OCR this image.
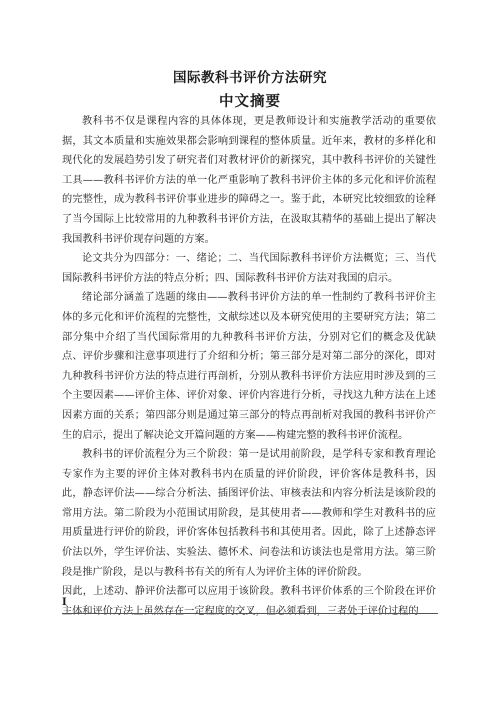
国际教科书评价方法研究
中文摘要

教科书不仅是课程内容的具体体现，更是教师设计和实施教学活动的重要依据，其文本质量和实施效果都会影响到课程的整体质量。近年来，教材的多样化和现代化的发展趋势引发了研究者们对教材评价的新探究，其中教科书评价的关键性工具——教科书评价方法的单一化严重影响了教科书评价主体的多元化和评价流程的完整性，成为教科书评价事业进步的障碍之一。鉴于此，本研究比较细致的诠释了当今国际上比较常用的九种教科书评价方法，在汲取其精华的基础上提出了解决我国教科书评价现存问题的方案。

论文共分为四部分：一、绪论；二、当代国际教科书评价方法概览；三、当代国际教科书评价方法的特点分析；四、国际教科书评价方法对我国的启示。

绪论部分涵盖了选题的缘由——教科书评价方法的单一性制约了教科书评价主体的多元化和评价流程的完整性，文献综述以及本研究使用的主要研究方法；第二部分集中介绍了当代国际常用的九种教科书评价方法，分别对它们的概念及优缺点、评价步骤和注意事项进行了介绍和分析；第三部分是对第二部分的深化，即对九种教科书评价方法的特点进行再剖析，分别从教科书评价方法应用时涉及到的三个主要因素——评价主体、评价对象、评价内容进行分析，寻找这九种方法在上述因素方面的关系；第四部分则是通过第三部分的特点再剖析对我国的教科书评价产生的启示，提出了解决论文开篇问题的方案——构建完整的教科书评价流程。

教科书的评价流程分为三个阶段：第一是试用前阶段，是学科专家和教育理论专家作为主要的评价主体对教科书内在质量的评价阶段，评价客体是教科书，因此，静态评价法——综合分析法、插图评价法、审核表法和内容分析法是该阶段的常用方法。第二阶段为小范围试用阶段，是其使用者——教师和学生对教科书的应用质量进行评价的阶段，评价客体包括教科书和其使用者。因此，除了上述静态评价法以外，学生评价法、实验法、德怀术、问卷法和访谈法也是常用方法。第三阶段是推广阶段，是以与教科书有关的所有人为评价主体的评价阶段。

因此，上述动、静评价法都可以应用于该阶段。教科书评价体系的三个阶段在评价主体和评价方法上虽然存在一定程度的交叉，但必须看到，三者处于评价过程的

I
